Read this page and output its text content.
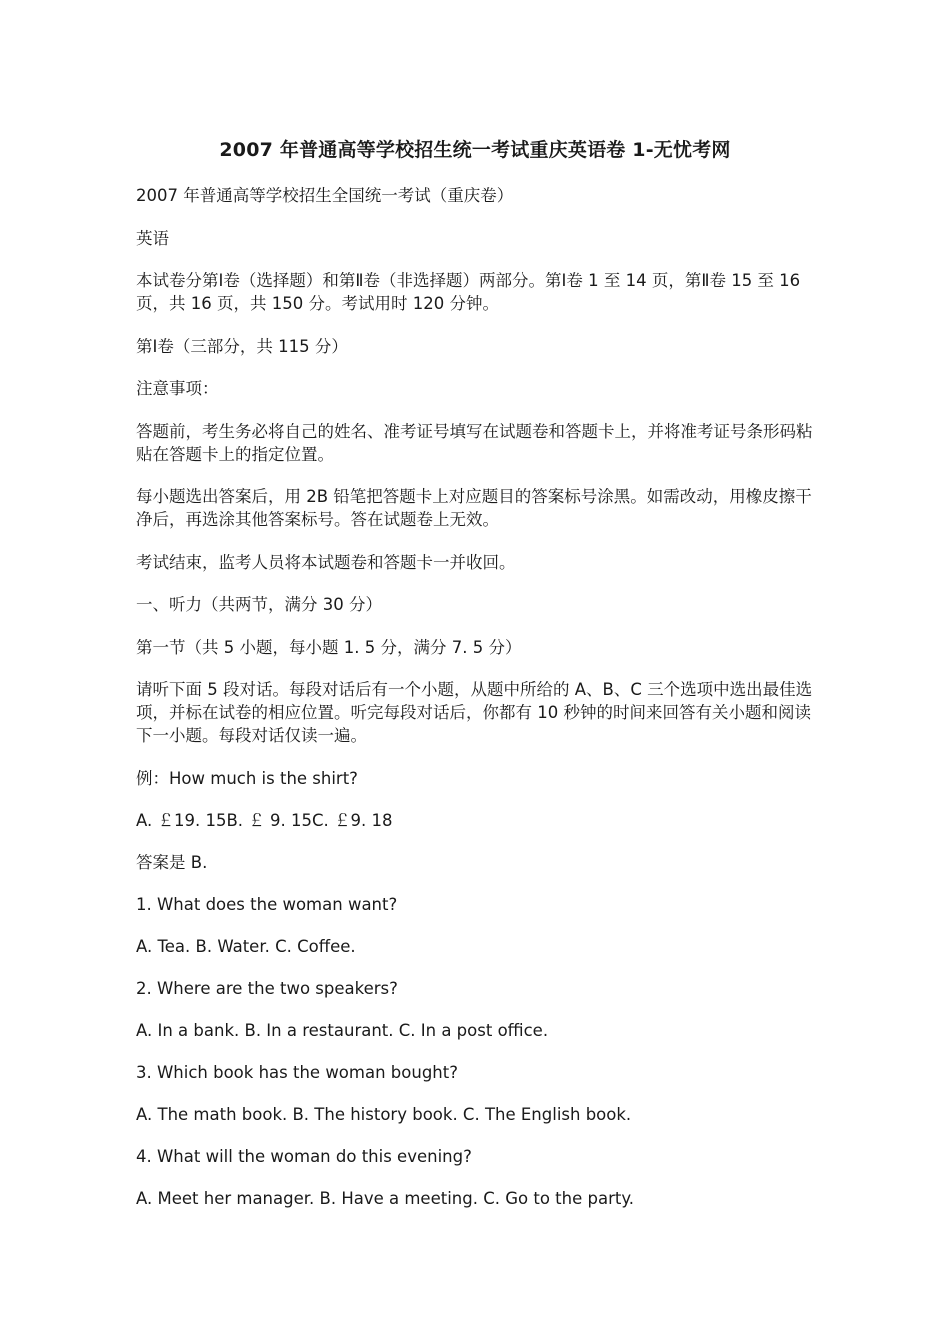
2007 年普通高等学校招生统一考试重庆英语卷 1-无忧考网

2007 年普通高等学校招生全国统一考试（重庆卷）

英语

本试卷分第Ⅰ卷（选择题）和第Ⅱ卷（非选择题）两部分。第Ⅰ卷 1 至 14 页，第Ⅱ卷 15 至 16 页，共 16 页，共 150 分。考试用时 120 分钟。

第Ⅰ卷（三部分，共 115 分）

注意事项：

答题前，考生务必将自己的姓名、准考证号填写在试题卷和答题卡上，并将准考证号条形码粘贴在答题卡上的指定位置。

每小题选出答案后，用 2B 铅笔把答题卡上对应题目的答案标号涂黑。如需改动，用橡皮擦干净后，再选涂其他答案标号。答在试题卷上无效。

考试结束，监考人员将本试题卷和答题卡一并收回。

一、听力（共两节，满分 30 分）

第一节（共 5 小题，每小题 1. 5 分，满分 7. 5 分）

请听下面 5 段对话。每段对话后有一个小题，从题中所给的 A、B、C 三个选项中选出最佳选项，并标在试卷的相应位置。听完每段对话后，你都有 10 秒钟的时间来回答有关小题和阅读下一小题。每段对话仅读一遍。

例：How much is the shirt?

A. ￡19. 15B. ￡ 9. 15C. ￡9. 18

答案是 B.

1. What does the woman want?

A. Tea. B. Water. C. Coffee.

2. Where are the two speakers?

A. In a bank. B. In a restaurant. C. In a post office.

3. Which book has the woman bought?

A. The math book. B. The history book. C. The English book.

4. What will the woman do this evening?

A. Meet her manager. B. Have a meeting. C. Go to the party.
